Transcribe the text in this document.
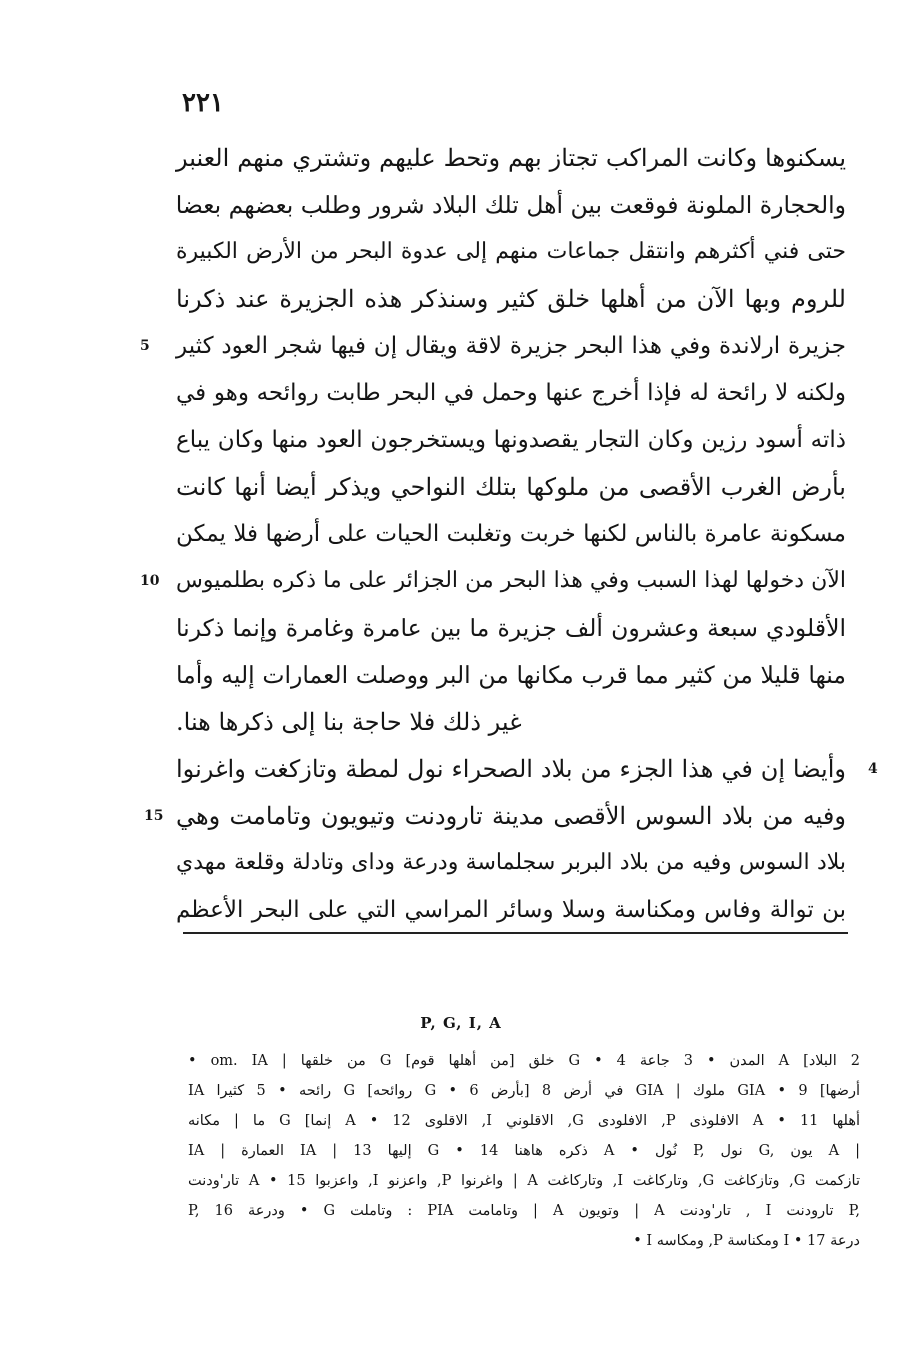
٢٢١
يسكنوها وكانت المراكب تجتاز بهم وتحط عليهم وتشتري منهم العنبر
والحجارة الملونة فوقعت بين أهل تلك البلاد شرور وطلب بعضهم بعضا
حتى فني أكثرهم وانتقل جماعات منهم إلى عدوة البحر من الأرض الكبيرة
للروم وبها الآن من أهلها خلق كثير وسنذكر هذه الجزيرة عند ذكرنا
جزيرة ارلاندة وفي هذا البحر جزيرة لاقة ويقال إن فيها شجر العود كثير
5
ولكنه لا رائحة له فإذا أخرج عنها وحمل في البحر طابت روائحه وهو في
ذاته أسود رزين وكان التجار يقصدونها ويستخرجون العود منها وكان يباع
بأرض الغرب الأقصى من ملوكها بتلك النواحي ويذكر أيضا أنها كانت
مسكونة عامرة بالناس لكنها خربت وتغلبت الحيات على أرضها فلا يمكن
الآن دخولها لهذا السبب وفي هذا البحر من الجزائر على ما ذكره بطلميوس
10
الأقلودي سبعة وعشرون ألف جزيرة ما بين عامرة وغامرة وإنما ذكرنا
منها قليلا من كثير مما قرب مكانها من البر ووصلت العمارات إليه وأما
غير ذلك فلا حاجة بنا إلى ذكرها هنا.
وأيضا إن في هذا الجزء من بلاد الصحراء نول لمطة وتازكغت واغرنوا 4
وفيه من بلاد السوس الأقصى مدينة تارودنت وتيويون وتامامت وهي
15
بلاد السوس وفيه من بلاد البربر سجلماسة ودرعة وداى وتادلة وقلعة مهدي
بن توالة وفاس ومكناسة وسلا وسائر المراسي التي على البحر الأعظم
P, G, I, A
2 البلاد] A المدن • 3 جاعة G • 4 خلق [من أهلها قوم] G من خلقها | om. IA •
أرضها] 9 • GIA ملوك | GIA في أرض 8 [بأرض G • 6 روائحه] G رائحه • 5 كثيرا IA
أهلها A • 11 الافلوذى P, الافلودى G, الاقلوني I, الاقلوى A • 12 إنما] G ما | مكانه
IA | العمارة IA | 13 إليها G • 14 ذكره هاهنا A • نُول P, نول G, يون A |
تازكمت G, وتازكاغت G, وتاركاغت I, وتاركاغت A | واغرنوا P, واعزنو I, واعزبوا A • 15 تار'ودنت
P, ودرعة 16 • G وتاملت : PIA وتامامت | A وتويون | A تار'ودنت , I تارودنت P,
درعة I • 17 ومكناسة P, ومكاسه I •
